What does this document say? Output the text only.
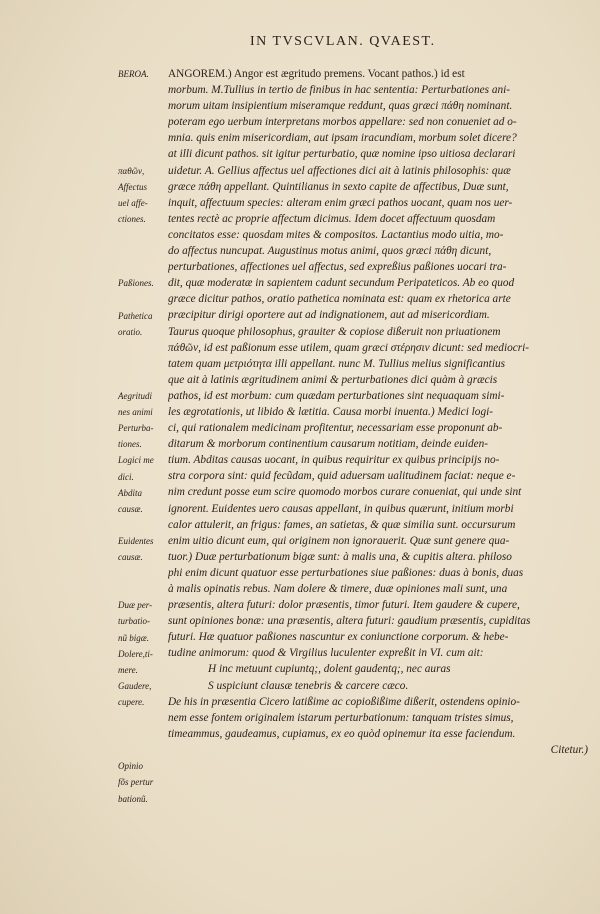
IN TVSCVLAN. QVAEST.
BEROA.
παθῶν,
Affectus
uel affe-
ctiones.
Paßiones.
Pathetica
oratio.
Aegritudi
nes animi
Perturba-
tiones.
Logici me
dici.
Abdita
causæ.
Euidentes
causæ.
Duæ per-
turbatio-
nũ bigæ.
Dolere,ti-
mere.
Gaudere,
cupere.
Opinio
fõs pertur
bationũ.
ANGOREM.) Angor est ægritudo premens. Vocant pathos.) id est
morbum. M.Tullius in tertio de finibus in hac sententia: Perturbationes ani-
morum uitam insipientium miseramque reddunt, quas græci πάθη nominant.
poteram ego uerbum interpretans morbos appellare: sed non conueniet ad o-
mnia. quis enim misericordiam, aut ipsam iracundiam, morbum solet dicere?
at illi dicunt pathos. sit igitur perturbatio, quæ nomine ipso uitiosa declarari
uidetur. A. Gellius affectus uel affectiones dici ait à latinis philosophis: quæ
græce πάθη appellant. Quintilianus in sexto capite de affectibus, Duæ sunt,
inquit, affectuum species: alteram enim græci pathos uocant, quam nos uer-
tentes rectè ac proprie affectum dicimus. Idem docet affectuum quosdam
concitatos esse: quosdam mites & compositos. Lactantius modo uitia, mo-
do affectus nuncupat. Augustinus motus animi, quos græci πάθη dicunt,
perturbationes, affectiones uel affectus, sed expreßius paßiones uocari tra-
dit, quæ moderatæ in sapientem cadunt secundum Peripateticos. Ab eo quod
græce dicitur pathos, oratio pathetica nominata est: quam ex rhetorica arte
præcipitur dirigi oportere aut ad indignationem, aut ad misericordiam.
Taurus quoque philosophus, grauiter & copiose dißeruit non priuationem
πάθῶν, id est paßionum esse utilem, quam græci στέρησιν dicunt: sed mediocri-
tatem quam μετριότητα illi appellant. nunc M. Tullius melius significantius
que ait à latinis ægritudinem animi & perturbationes dici quàm à græcis
pathos, id est morbum: cum quædam perturbationes sint nequaquam simi-
les ægrotationis, ut libido & lætitia. Causa morbi inuenta.) Medici logi-
ci, qui rationalem medicinam profitentur, necessariam esse proponunt ab-
ditarum & morborum continentium causarum notitiam, deinde euiden-
tium. Abditas causas uocant, in quibus requiritur ex quibus principijs no-
stra corpora sint: quid fecũdam, quid aduersam ualitudinem faciat: neque e-
nim credunt posse eum scire quomodo morbos curare conueniat, qui unde sint
ignorent. Euidentes uero causas appellant, in quibus quærunt, initium morbi
calor attulerit, an frigus: fames, an satietas, & quæ similia sunt. occursurum
enim uitio dicunt eum, qui originem non ignorauerit. Quæ sunt genere qua-
tuor.) Duæ perturbationum bigæ sunt: à malis una, & cupitis altera. philoso
phi enim dicunt quatuor esse perturbationes siue paßiones: duas à bonis, duas
à malis opinatis rebus. Nam dolere & timere, duæ opiniones mali sunt, una
præsentis, altera futuri: dolor præsentis, timor futuri. Item gaudere & cupere,
sunt opiniones bonæ: una præsentis, altera futuri: gaudium præsentis, cupiditas
futuri. Hæ quatuor paßiones nascuntur ex coniunctione corporum. & hebe-
tudine animorum: quod & Virgilius luculenter expreßit in VI. cum ait:
H inc metuunt cupiuntq;, dolent gaudentq;, nec auras
S uspiciunt clausæ tenebris & carcere cæco.
De his in præsentia Cicero latißime ac copioßißime dißerit, ostendens opinio-
nem esse fontem originalem istarum perturbationum: tanquam tristes simus,
timeammus, gaudeamus, cupiamus, ex eo quòd opinemur ita esse faciendum.
Citetur.)
